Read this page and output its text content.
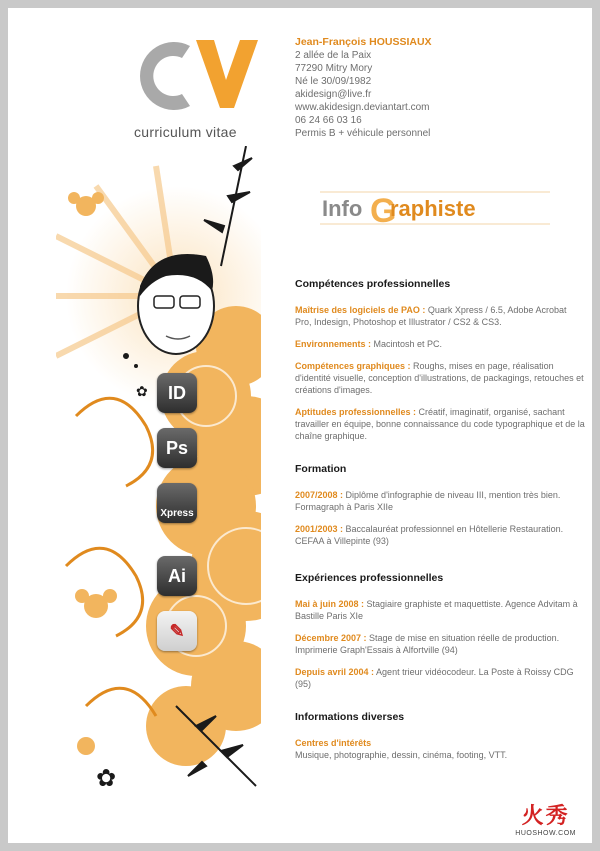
curriculum vitae
Jean-François HOUSSIAUX
2 allée de la Paix
77290 Mitry Mory
Né le 30/09/1982
akidesign@live.fr
www.akidesign.deviantart.com
06 24 66 03 16
Permis B + véhicule personnel
Info G
raphiste
✿
✿	ID
Ps
Xpress
Ai
✎
Compétences professionnelles
Maîtrise des logiciels de PAO : Quark Xpress / 6.5, Adobe Acrobat Pro, Indesign, Photoshop et Illustrator / CS2 & CS3.
Environnements : Macintosh et PC.
Compétences graphiques : Roughs, mises en page, réalisation d'identité visuelle, conception d'illustrations, de packagings, retouches et créations d'images.
Aptitudes professionnelles : Créatif, imaginatif, organisé, sachant travailler en équipe, bonne connaissance du code typographique et de la chaîne graphique.
Formation
2007/2008 : Diplôme d'infographie de niveau III, mention très bien. Formagraph à Paris XIIe
2001/2003 : Baccalauréat professionnel en Hôtellerie Restauration. CEFAA à Villepinte (93)
Expériences professionnelles
Mai à juin 2008 : Stagiaire graphiste et maquettiste. Agence Advitam à Bastille Paris XIe
Décembre 2007 : Stage de mise en situation réelle de production. Imprimerie Graph'Essais à Alfortville (94)
Depuis avril 2004 : Agent trieur vidéocodeur. La Poste à Roissy CDG (95)
Informations diverses
Centres d'intérêts
Musique, photographie, dessin, cinéma, footing, VTT.
火秀
HUOSHOW.COM
